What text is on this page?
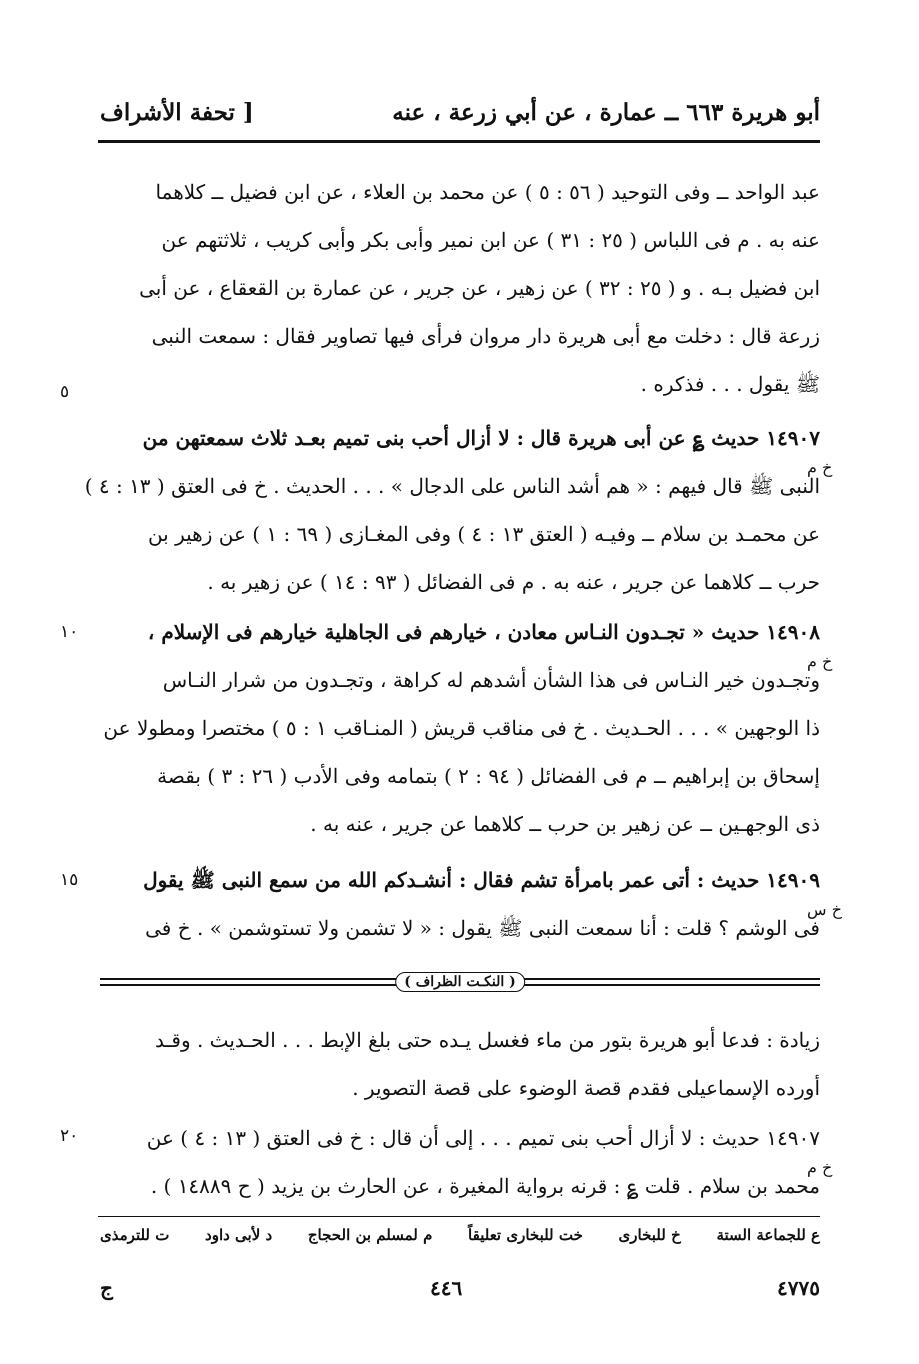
[ تحفة الأشراف	أبو هريرة ٦٦٣ ــ عمارة ، عن أبي زرعة ، عنه
عبد الواحد ــ وفى التوحيد ( ٥٦ : ٥ ) عن محمد بن العلاء ، عن ابن فضيل ــ كلاهما
عنه به . م فى اللباس ( ٢٥ : ٣١ ) عن ابن نمير وأبى بكر وأبى كريب ، ثلاثتهم عن
ابن فضيل بـه . و ( ٢٥ : ٣٢ ) عن زهير ، عن جرير ، عن عمارة بن القعقاع ، عن أبى
زرعة قال : دخلت مع أبى هريرة دار مروان فرأى فيها تصاوير فقال : سمعت النبى
ﷺ يقول . . . فذكره .
٥
١٤٩٠٧ حديث ؏ عن أبى هريرة قال : لا أزال أحب بنى تميم بعـد ثلاث سمعتهن من
النبى ﷺ قال فيهم : « هم أشد الناس على الدجال » . . . الحديث . خ فى العتق ( ١٣ : ٤ )
عن محمـد بن سلام ــ وفيـه ( العتق ١٣ : ٤ ) وفى المغـازى ( ٦٩ : ١ ) عن زهير بن
حرب ــ كلاهما عن جرير ، عنه به . م فى الفضائل ( ٩٣ : ١٤ ) عن زهير به .
خ م
١٤٩٠٨ حديث « تجـدون النـاس معادن ، خيارهم فى الجاهلية خيارهم فى الإسلام ،
وتجـدون خير النـاس فى هذا الشأن أشدهم له كراهة ، وتجـدون من شرار النـاس
ذا الوجهين » . . . الحـديث . خ فى مناقب قريش ( المنـاقب ١ : ٥ ) مختصرا ومطولا عن
إسحاق بن إبراهيم ــ م فى الفضائل ( ٩٤ : ٢ ) بتمامه وفى الأدب ( ٢٦ : ٣ ) بقصة
ذى الوجهـين ــ عن زهير بن حرب ــ كلاهما عن جرير ، عنه به .
خ م
١٠
١٤٩٠٩ حديث : أتى عمر بامرأة تشم فقال : أنشـدكم الله من سمع النبى ﷺ يقول
فى الوشم ؟ قلت : أنا سمعت النبى ﷺ يقول : « لا تشمن ولا تستوشمن » . خ فى
خ س
١٥
( النكـت الظراف )
زيادة : فدعا أبو هريرة بتور من ماء فغسل يـده حتى بلغ الإبط . . . الحـديث . وقـد
أورده الإسماعيلى فقدم قصة الوضوء على قصة التصوير .
١٤٩٠٧ حديث : لا أزال أحب بنى تميم . . . إلى أن قال : خ فى العتق ( ١٣ : ٤ ) عن
محمد بن سلام . قلت ؏ : قرنه برواية المغيرة ، عن الحارث بن يزيد ( ح ١٤٨٨٩ ) .
خ م
٢٠
ع للجماعة الستة
خ للبخارى
خت للبخارى تعليقاً
م لمسلم بن الحجاج
د لأبى داود
ت للترمذى
٤٧٧٥
٤٤٦
ج
